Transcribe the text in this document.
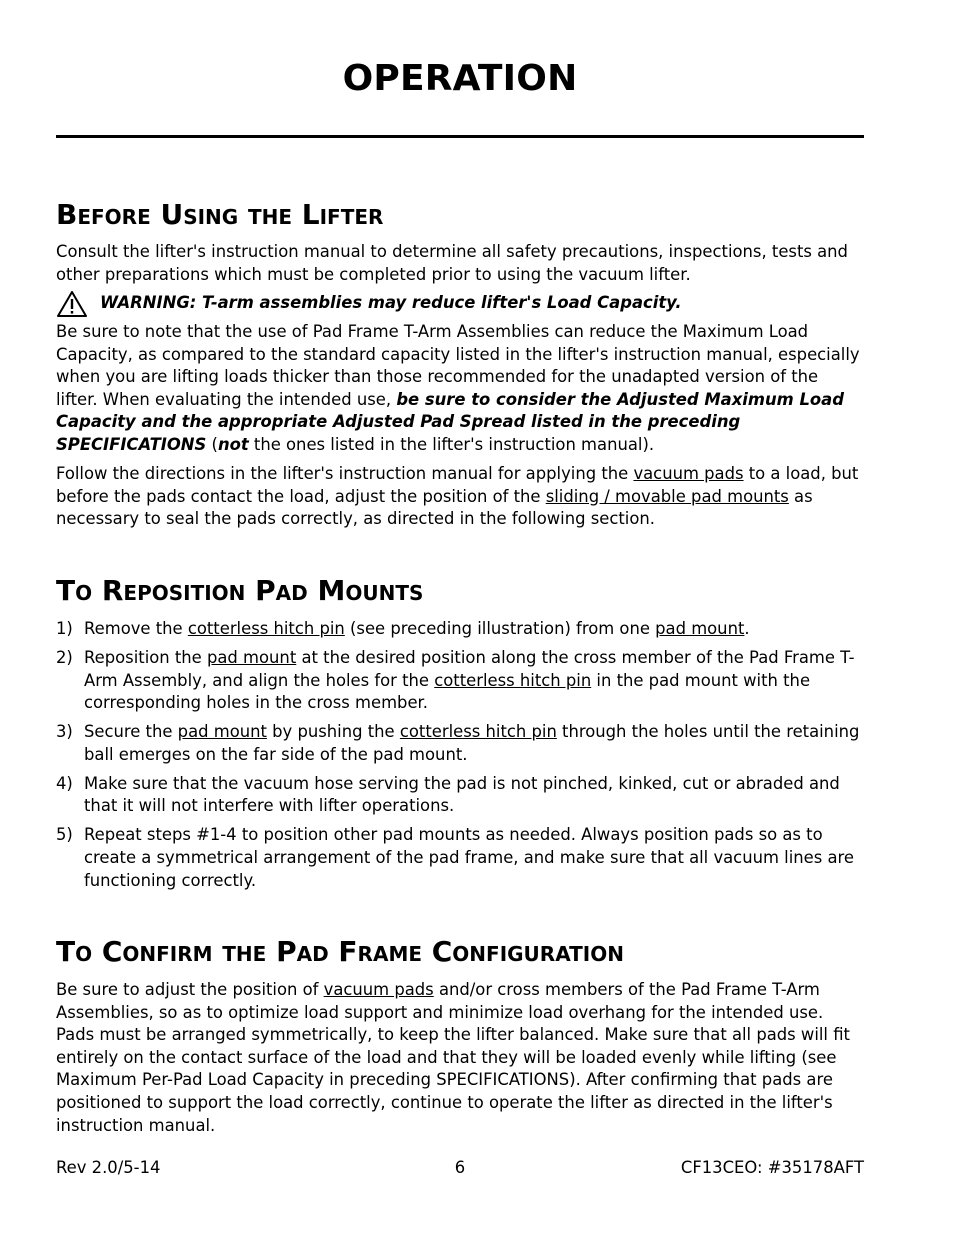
OPERATION
Before Using the Lifter

Consult the lifter's instruction manual to determine all safety precautions, inspections, tests and other preparations which must be completed prior to using the vacuum lifter.

WARNING: T-arm assemblies may reduce lifter's Load Capacity.

Be sure to note that the use of Pad Frame T-Arm Assemblies can reduce the Maximum Load Capacity, as compared to the standard capacity listed in the lifter's instruction manual, especially when you are lifting loads thicker than those recommended for the unadapted version of the lifter. When evaluating the intended use, be sure to consider the Adjusted Maximum Load Capacity and the appropriate Adjusted Pad Spread listed in the preceding SPECIFICATIONS (not the ones listed in the lifter's instruction manual).

Follow the directions in the lifter's instruction manual for applying the vacuum pads to a load, but before the pads contact the load, adjust the position of the sliding / movable pad mounts as necessary to seal the pads correctly, as directed in the following section.

To Reposition Pad Mounts
1) Remove the cotterless hitch pin (see preceding illustration) from one pad mount.
2) Reposition the pad mount at the desired position along the cross member of the Pad Frame T-Arm Assembly, and align the holes for the cotterless hitch pin in the pad mount with the corresponding holes in the cross member.
3) Secure the pad mount by pushing the cotterless hitch pin through the holes until the retaining ball emerges on the far side of the pad mount.
4) Make sure that the vacuum hose serving the pad is not pinched, kinked, cut or abraded and that it will not interfere with lifter operations.
5) Repeat steps #1-4 to position other pad mounts as needed. Always position pads so as to create a symmetrical arrangement of the pad frame, and make sure that all vacuum lines are functioning correctly.
To Confirm the Pad Frame Configuration

Be sure to adjust the position of vacuum pads and/or cross members of the Pad Frame T-Arm Assemblies, so as to optimize load support and minimize load overhang for the intended use. Pads must be arranged symmetrically, to keep the lifter balanced. Make sure that all pads will fit entirely on the contact surface of the load and that they will be loaded evenly while lifting (see Maximum Per-Pad Load Capacity in preceding SPECIFICATIONS). After confirming that pads are positioned to support the load correctly, continue to operate the lifter as directed in the lifter's instruction manual.

Rev 2.0/5-14	6	CF13CEO: #35178AFT
